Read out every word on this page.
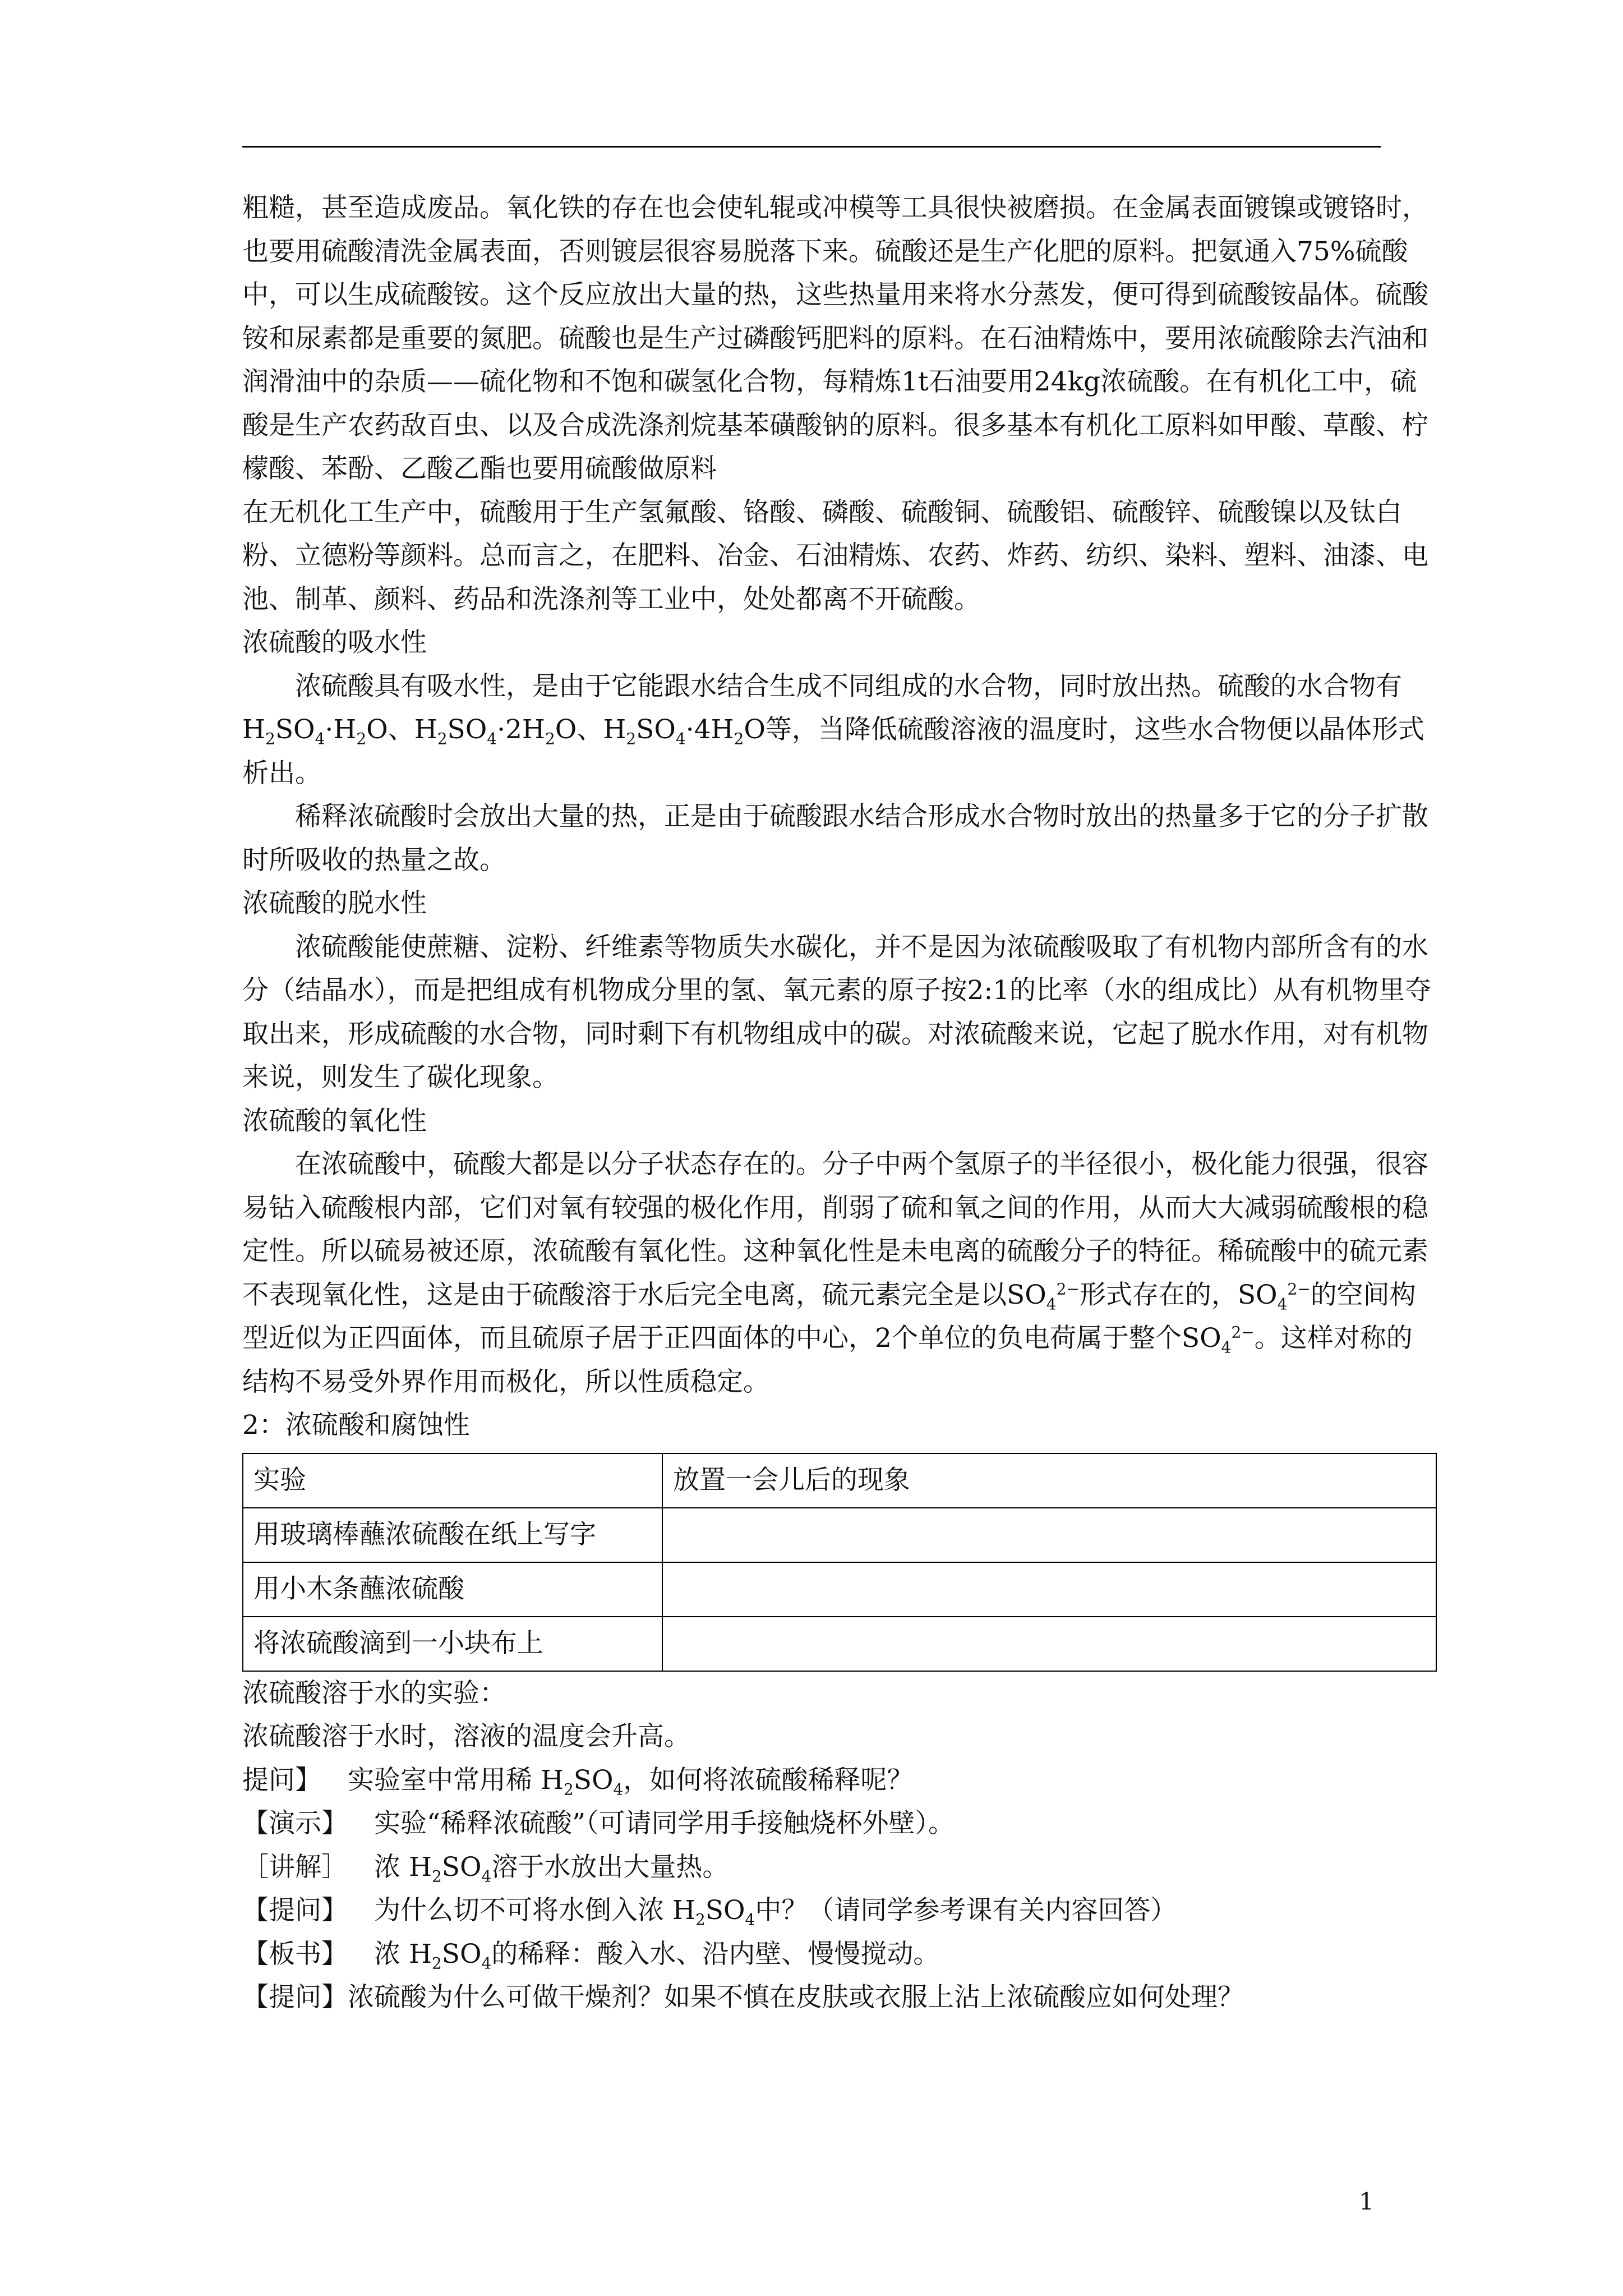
粗糙，甚至造成废品。氧化铁的存在也会使轧辊或冲模等工具很快被磨损。在金属表面镀镍或镀铬时，也要用硫酸清洗金属表面，否则镀层很容易脱落下来。硫酸还是生产化肥的原料。把氨通入75%硫酸中，可以生成硫酸铵。这个反应放出大量的热，这些热量用来将水分蒸发，便可得到硫酸铵晶体。硫酸铵和尿素都是重要的氮肥。硫酸也是生产过磷酸钙肥料的原料。在石油精炼中，要用浓硫酸除去汽油和润滑油中的杂质——硫化物和不饱和碳氢化合物，每精炼1t石油要用24kg浓硫酸。在有机化工中，硫酸是生产农药敌百虫、以及合成洗涤剂烷基苯磺酸钠的原料。很多基本有机化工原料如甲酸、草酸、柠檬酸、苯酚、乙酸乙酯也要用硫酸做原料

在无机化工生产中，硫酸用于生产氢氟酸、铬酸、磷酸、硫酸铜、硫酸铝、硫酸锌、硫酸镍以及钛白粉、立德粉等颜料。总而言之，在肥料、冶金、石油精炼、农药、炸药、纺织、染料、塑料、油漆、电池、制革、颜料、药品和洗涤剂等工业中，处处都离不开硫酸。

浓硫酸的吸水性

浓硫酸具有吸水性，是由于它能跟水结合生成不同组成的水合物，同时放出热。硫酸的水合物有$H_2SO_4\cdot H_2O$、$H_2SO_4\cdot 2H_2O$、$H_2SO_4\cdot 4H_2O$等，当降低硫酸溶液的温度时，这些水合物便以晶体形式析出。

稀释浓硫酸时会放出大量的热，正是由于硫酸跟水结合形成水合物时放出的热量多于它的分子扩散时所吸收的热量之故。

浓硫酸的脱水性

浓硫酸能使蔗糖、淀粉、纤维素等物质失水碳化，并不是因为浓硫酸吸取了有机物内部所含有的水分（结晶水），而是把组成有机物成分里的氢、氧元素的原子按2:1的比率（水的组成比）从有机物里夺取出来，形成硫酸的水合物，同时剩下有机物组成中的碳。对浓硫酸来说，它起了脱水作用，对有机物来说，则发生了碳化现象。

浓硫酸的氧化性

在浓硫酸中，硫酸大都是以分子状态存在的。分子中两个氢原子的半径很小，极化能力很强，很容易钻入硫酸根内部，它们对氧有较强的极化作用，削弱了硫和氧之间的作用，从而大大减弱硫酸根的稳定性。所以硫易被还原，浓硫酸有氧化性。这种氧化性是未电离的硫酸分子的特征。稀硫酸中的硫元素不表现氧化性，这是由于硫酸溶于水后完全电离，硫元素完全是以$SO_4^{2-}$形式存在的，$SO_4^{2-}$的空间构型近似为正四面体，而且硫原子居于正四面体的中心，2个单位的负电荷属于整个$SO_4^{2-}$。这样对称的结构不易受外界作用而极化，所以性质稳定。

2：浓硫酸和腐蚀性

实验	放置一会儿后的现象
用玻璃棒蘸浓硫酸在纸上写字	
用小木条蘸浓硫酸	
将浓硫酸滴到一小块布上	

浓硫酸溶于水的实验：

浓硫酸溶于水时，溶液的温度会升高。

提问】  实验室中常用稀 $H_2SO_4$，如何将浓硫酸稀释呢？

【演示】  实验“稀释浓硫酸”（可请同学用手接触烧杯外壁）。

［讲解］  浓 $H_2SO_4$溶于水放出大量热。

【提问】  为什么切不可将水倒入浓 $H_2SO_4$中？（请同学参考课有关内容回答）

【板书】  浓 $H_2SO_4$的稀释：酸入水、沿内壁、慢慢搅动。

【提问】浓硫酸为什么可做干燥剂？如果不慎在皮肤或衣服上沾上浓硫酸应如何处理？

1
